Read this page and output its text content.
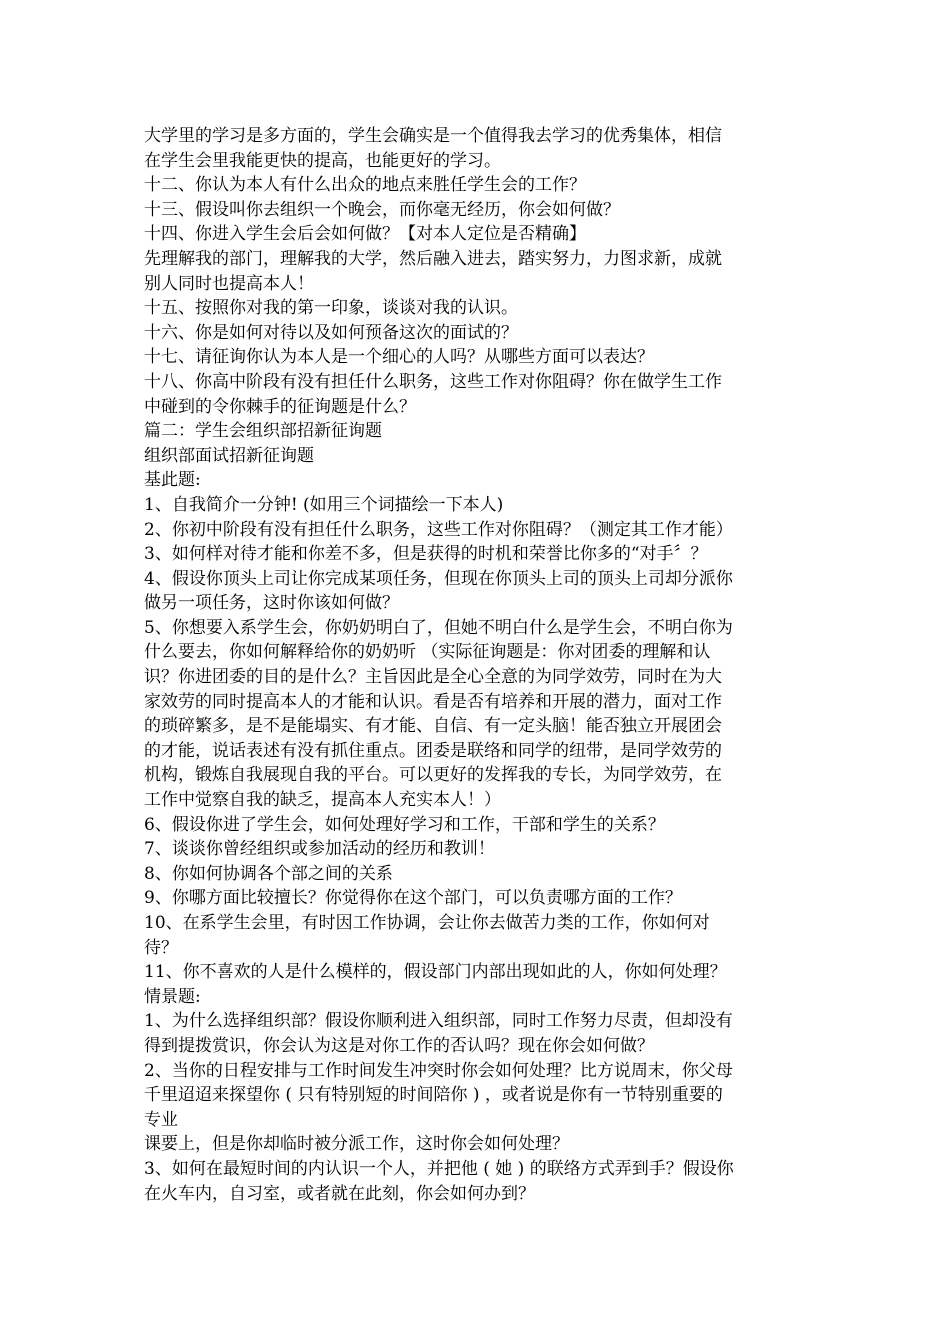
大学里的学习是多方面的，学生会确实是一个值得我去学习的优秀集体，相信
在学生会里我能更快的提高，也能更好的学习。
十二、你认为本人有什么出众的地点来胜任学生会的工作？
十三、假设叫你去组织一个晚会，而你毫无经历，你会如何做？
十四、你进入学生会后会如何做？【对本人定位是否精确】
先理解我的部门，理解我的大学，然后融入进去，踏实努力，力图求新，成就
别人同时也提高本人！
十五、按照你对我的第一印象，谈谈对我的认识。
十六、你是如何对待以及如何预备这次的面试的？
十七、请征询你认为本人是一个细心的人吗？从哪些方面可以表达？
十八、你高中阶段有没有担任什么职务，这些工作对你阻碍？你在做学生工作
中碰到的令你棘手的征询题是什么？
篇二：学生会组织部招新征询题
组织部面试招新征询题
基此题:
1、自我简介一分钟! (如用三个词描绘一下本人)
2、你初中阶段有没有担任什么职务，这些工作对你阻碍？（测定其工作才能）
3、如何样对待才能和你差不多，但是获得的时机和荣誉比你多的“对手〞？
4、假设你顶头上司让你完成某项任务，但现在你顶头上司的顶头上司却分派你
做另一项任务，这时你该如何做？
5、你想要入系学生会，你奶奶明白了，但她不明白什么是学生会，不明白你为
什么要去，你如何解释给你的奶奶听 （实际征询题是：你对团委的理解和认
识？你进团委的目的是什么？主旨因此是全心全意的为同学效劳，同时在为大
家效劳的同时提高本人的才能和认识。看是否有培养和开展的潜力，面对工作
的琐碎繁多，是不是能塌实、有才能、自信、有一定头脑！能否独立开展团会
的才能，说话表述有没有抓住重点。团委是联络和同学的纽带，是同学效劳的
机构，锻炼自我展现自我的平台。可以更好的发挥我的专长，为同学效劳，在
工作中觉察自我的缺乏，提高本人充实本人！）
6、假设你进了学生会，如何处理好学习和工作，干部和学生的关系？
7、谈谈你曾经组织或参加活动的经历和教训！
8、你如何协调各个部之间的关系
9、你哪方面比较擅长？你觉得你在这个部门，可以负责哪方面的工作？
10、在系学生会里，有时因工作协调，会让你去做苦力类的工作，你如何对
待？
11、你不喜欢的人是什么模样的，假设部门内部出现如此的人，你如何处理？
情景题:
1、为什么选择组织部？假设你顺利进入组织部，同时工作努力尽责，但却没有
得到提拨赏识，你会认为这是对你工作的否认吗？现在你会如何做？
2、当你的日程安排与工作时间发生冲突时你会如何处理？比方说周末，你父母
千里迢迢来探望你 ( 只有特别短的时间陪你 ) ，或者说是你有一节特别重要的
专业
课要上，但是你却临时被分派工作，这时你会如何处理？
3、如何在最短时间的内认识一个人，并把他 ( 她 ) 的联络方式弄到手？假设你
在火车内，自习室，或者就在此刻，你会如何办到？
